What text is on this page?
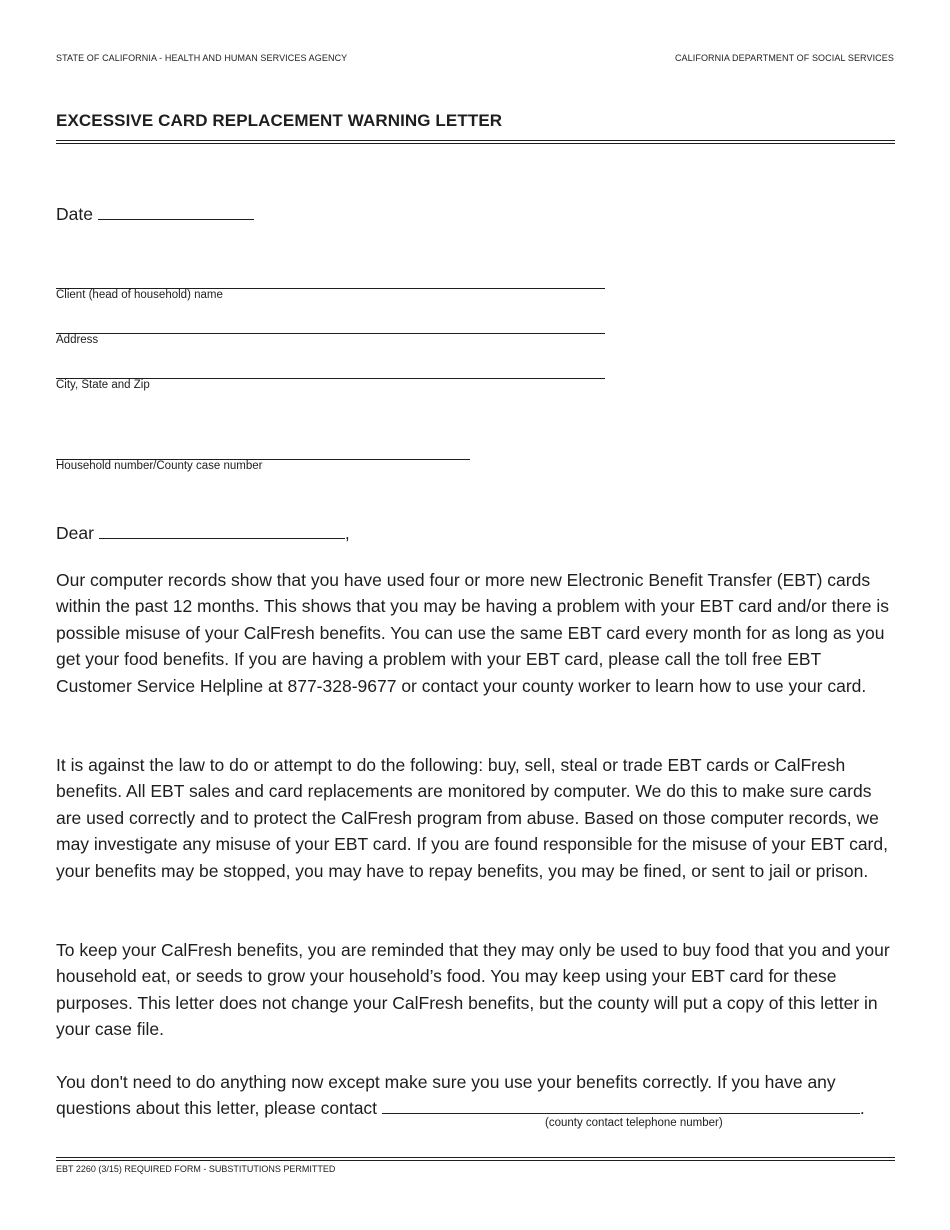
STATE OF CALIFORNIA - HEALTH AND HUMAN SERVICES AGENCY	CALIFORNIA DEPARTMENT OF SOCIAL SERVICES
EXCESSIVE CARD REPLACEMENT WARNING LETTER
Date
Client (head of household) name
Address
City, State and Zip
Household number/County case number
Dear	,
Our computer records show that you have used four or more new Electronic Benefit Transfer (EBT) cards within the past 12 months. This shows that you may be having a problem with your EBT card and/or there is possible misuse of your CalFresh benefits. You can use the same EBT card every month for as long as you get your food benefits. If you are having a problem with your EBT card, please call the toll free EBT Customer Service Helpline at 877-328-9677 or contact your county worker to learn how to use your card.
It is against the law to do or attempt to do the following: buy, sell, steal or trade EBT cards or CalFresh benefits. All EBT sales and card replacements are monitored by computer. We do this to make sure cards are used correctly and to protect the CalFresh program from abuse. Based on those computer records, we may investigate any misuse of your EBT card. If you are found responsible for the misuse of your EBT card, your benefits may be stopped, you may have to repay benefits, you may be fined, or sent to jail or prison.
To keep your CalFresh benefits, you are reminded that they may only be used to buy food that you and your household eat, or seeds to grow your household’s food. You may keep using your EBT card for these purposes. This letter does not change your CalFresh benefits, but the county will put a copy of this letter in your case file.
You don't need to do anything now except make sure you use your benefits correctly. If you have any
questions about this letter, please contact	.
(county contact telephone number)
EBT 2260 (3/15) REQUIRED FORM - SUBSTITUTIONS PERMITTED
